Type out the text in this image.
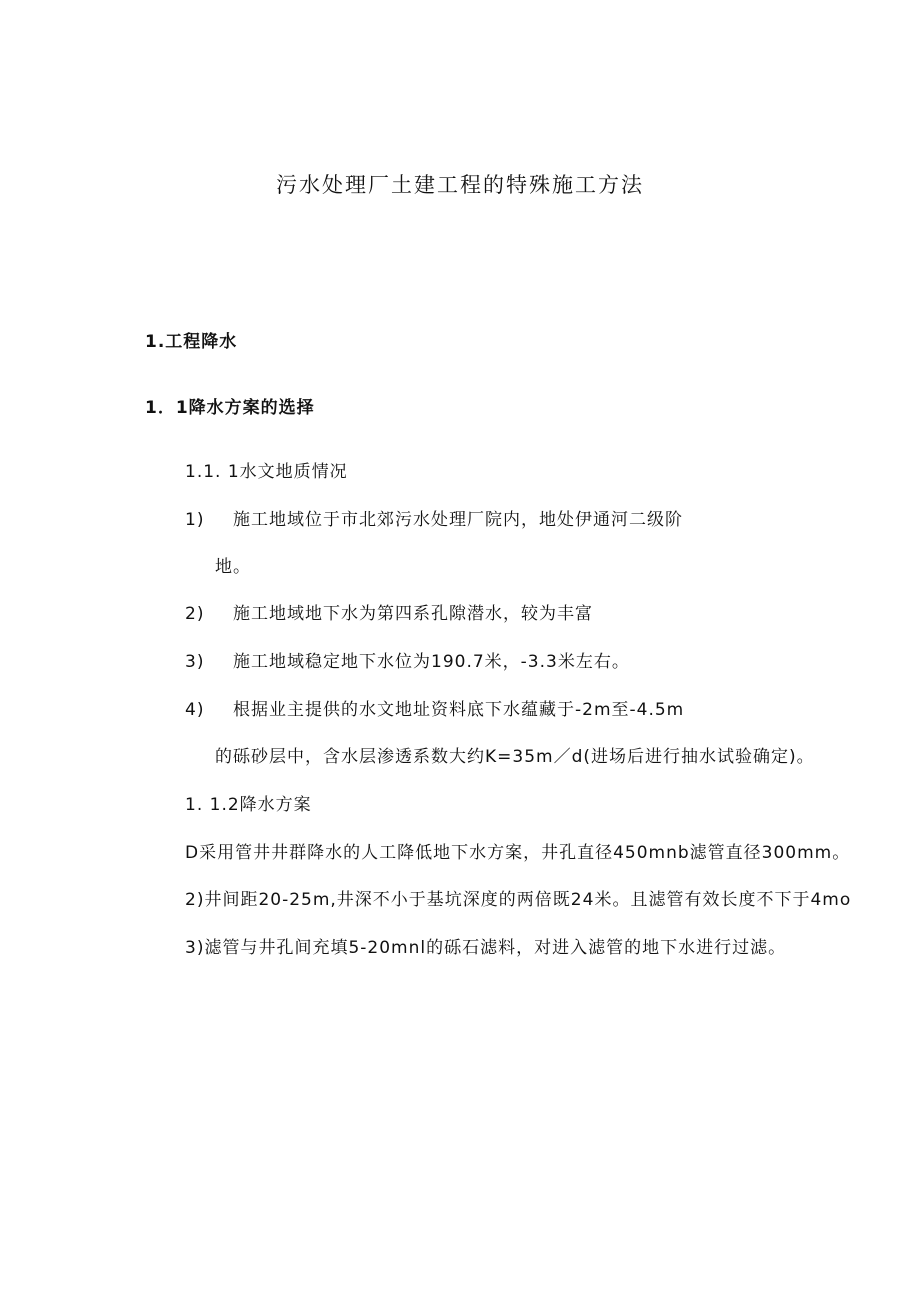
污水处理厂土建工程的特殊施工方法
1.工程降水
1．1降水方案的选择
1.1. 1水文地质情况
1) 施工地域位于市北郊污水处理厂院内，地处伊通河二级阶
地。
2) 施工地域地下水为第四系孔隙潜水，较为丰富
3) 施工地域稳定地下水位为190.7米，-3.3米左右。
4) 根据业主提供的水文地址资料底下水蕴藏于-2m至-4.5m
的砾砂层中，含水层渗透系数大约K=35m／d(进场后进行抽水试验确定)。
1. 1.2降水方案
D采用管井井群降水的人工降低地下水方案，井孔直径450mnb滤管直径300mm。
2)井间距20-25m,井深不小于基坑深度的两倍既24米。且滤管有效长度不下于4mo
3)滤管与井孔间充填5-20mnl的砾石滤料，对进入滤管的地下水进行过滤。
